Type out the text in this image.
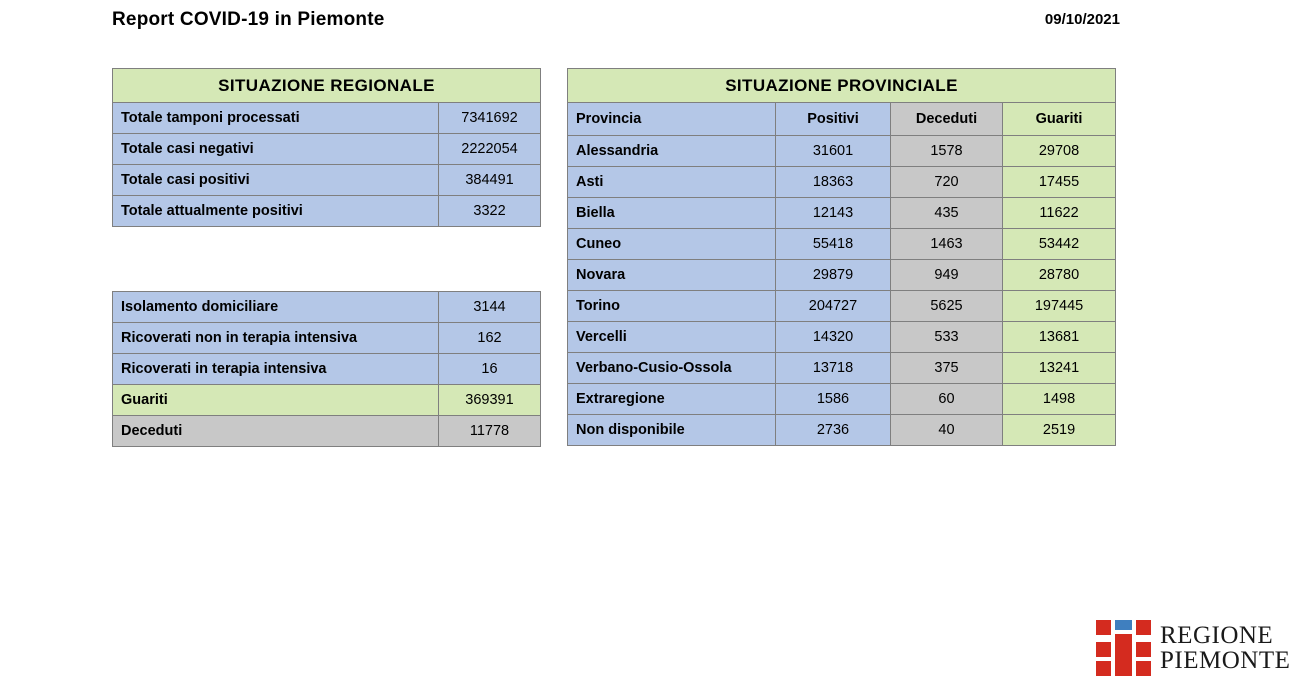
Report COVID-19 in Piemonte	09/10/2021
SITUAZIONE REGIONALE	
Totale tamponi processati	7341692
Totale casi negativi	2222054
Totale casi positivi	384491
Totale attualmente positivi	3322
Isolamento domiciliare	3144
Ricoverati non in terapia intensiva	162
Ricoverati in terapia intensiva	16
Guariti	369391
Deceduti	11778
SITUAZIONE PROVINCIALE			
Provincia	Positivi	Deceduti	Guariti
Alessandria	31601	1578	29708
Asti	18363	720	17455
Biella	12143	435	11622
Cuneo	55418	1463	53442
Novara	29879	949	28780
Torino	204727	5625	197445
Vercelli	14320	533	13681
Verbano-Cusio-Ossola	13718	375	13241
Extraregione	1586	60	1498
Non disponibile	2736	40	2519
REGIONE
PIEMONTE
